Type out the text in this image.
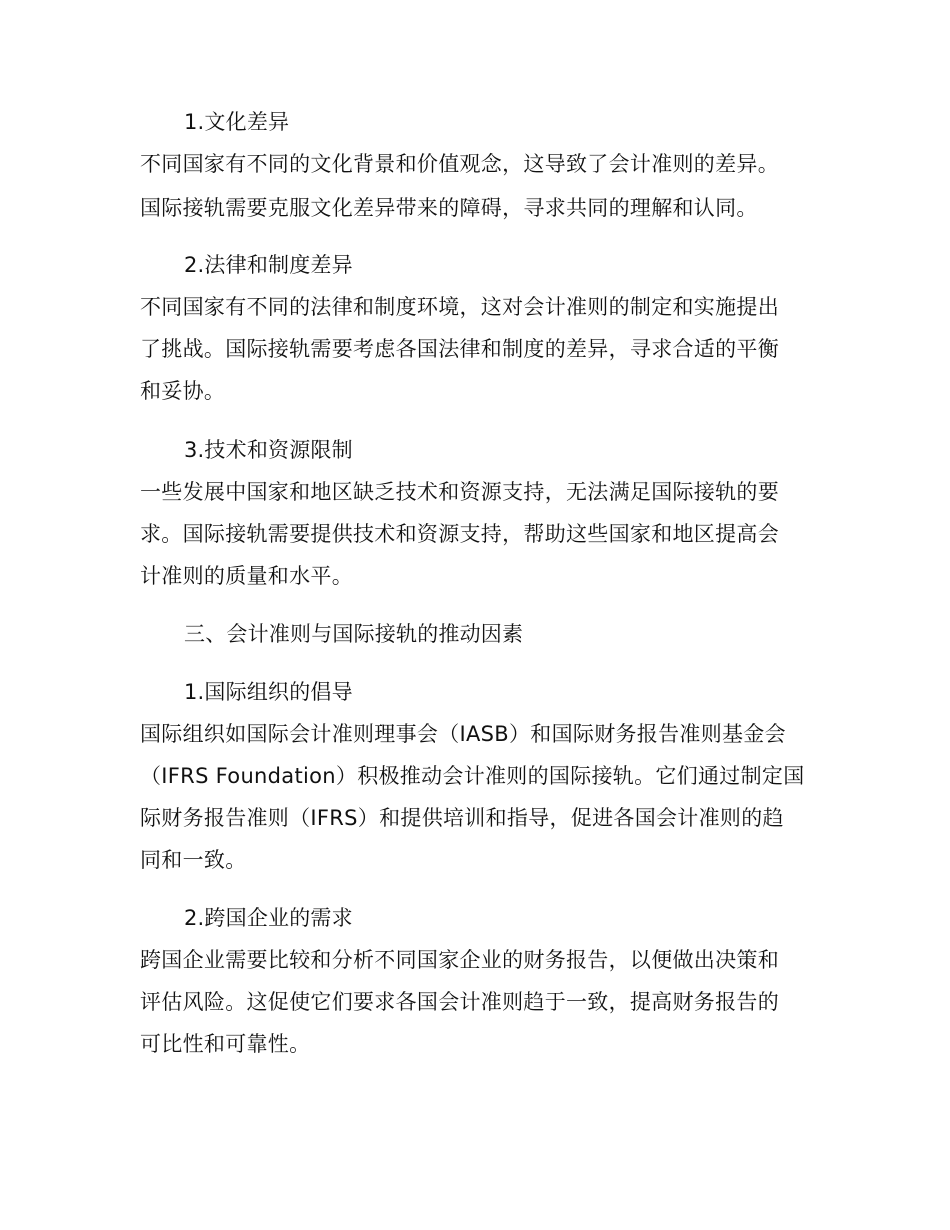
1.文化差异
不同国家有不同的文化背景和价值观念，这导致了会计准则的差异。
国际接轨需要克服文化差异带来的障碍，寻求共同的理解和认同。
2.法律和制度差异
不同国家有不同的法律和制度环境，这对会计准则的制定和实施提出
了挑战。国际接轨需要考虑各国法律和制度的差异，寻求合适的平衡
和妥协。
3.技术和资源限制
一些发展中国家和地区缺乏技术和资源支持，无法满足国际接轨的要
求。国际接轨需要提供技术和资源支持，帮助这些国家和地区提高会
计准则的质量和水平。
三、会计准则与国际接轨的推动因素
1.国际组织的倡导
国际组织如国际会计准则理事会（IASB）和国际财务报告准则基金会
（IFRS Foundation）积极推动会计准则的国际接轨。它们通过制定国
际财务报告准则（IFRS）和提供培训和指导，促进各国会计准则的趋
同和一致。
2.跨国企业的需求
跨国企业需要比较和分析不同国家企业的财务报告，以便做出决策和
评估风险。这促使它们要求各国会计准则趋于一致，提高财务报告的
可比性和可靠性。
